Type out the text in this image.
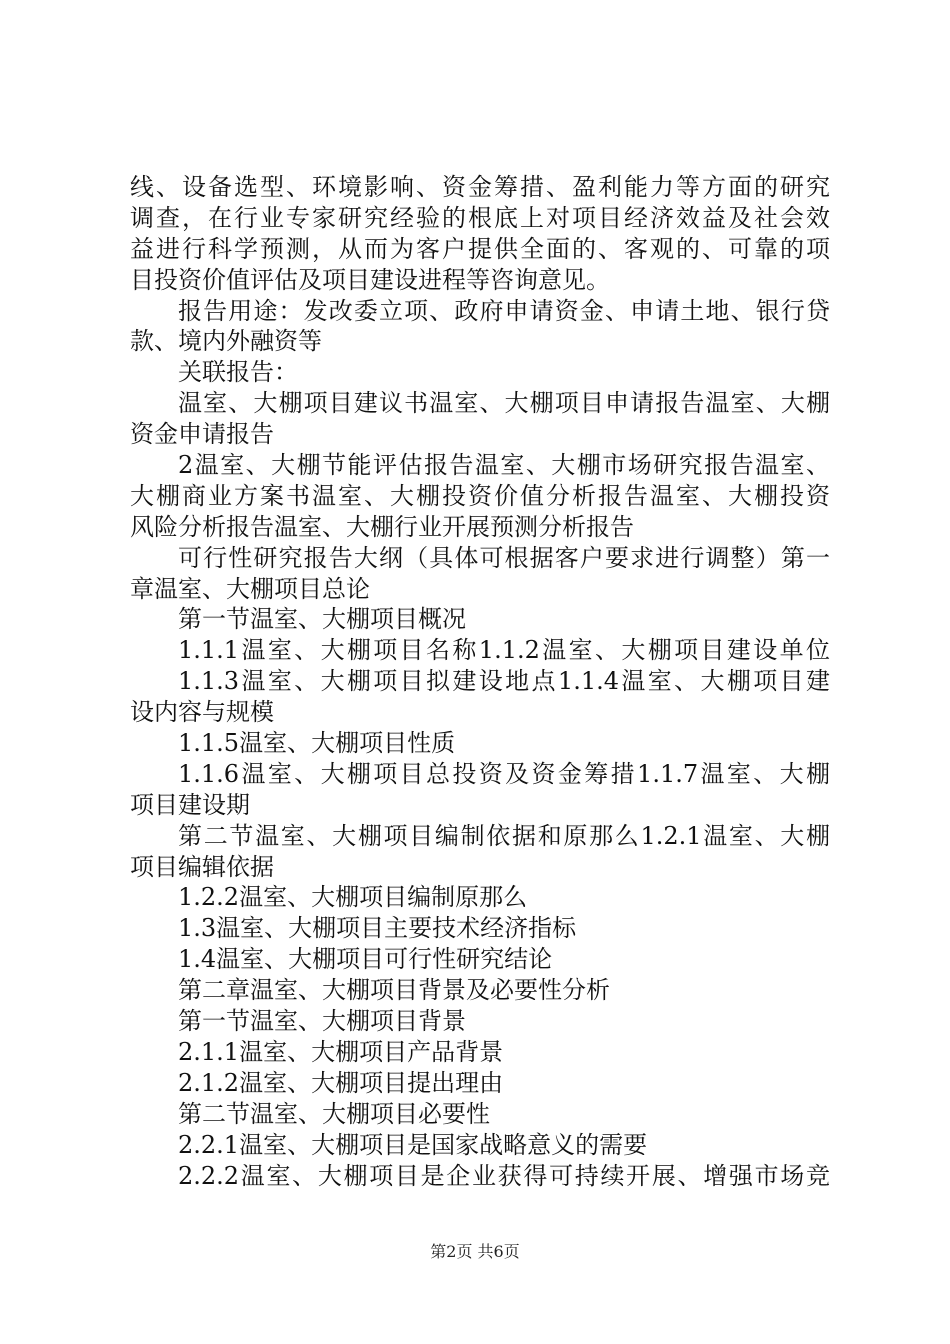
线、设备选型、环境影响、资金筹措、盈利能力等方面的研究
调查，在行业专家研究经验的根底上对项目经济效益及社会效
益进行科学预测，从而为客户提供全面的、客观的、可靠的项
目投资价值评估及项目建设进程等咨询意见。
报告用途：发改委立项、政府申请资金、申请土地、银行贷
款、境内外融资等
关联报告：
温室、大棚项目建议书温室、大棚项目申请报告温室、大棚
资金申请报告
2温室、大棚节能评估报告温室、大棚市场研究报告温室、
大棚商业方案书温室、大棚投资价值分析报告温室、大棚投资
风险分析报告温室、大棚行业开展预测分析报告
可行性研究报告大纲（具体可根据客户要求进行调整）第一
章温室、大棚项目总论
第一节温室、大棚项目概况
1.1.1温室、大棚项目名称1.1.2温室、大棚项目建设单位
1.1.3温室、大棚项目拟建设地点1.1.4温室、大棚项目建
设内容与规模
1.1.5温室、大棚项目性质
1.1.6温室、大棚项目总投资及资金筹措1.1.7温室、大棚
项目建设期
第二节温室、大棚项目编制依据和原那么1.2.1温室、大棚
项目编辑依据
1.2.2温室、大棚项目编制原那么
1.3温室、大棚项目主要技术经济指标
1.4温室、大棚项目可行性研究结论
第二章温室、大棚项目背景及必要性分析
第一节温室、大棚项目背景
2.1.1温室、大棚项目产品背景
2.1.2温室、大棚项目提出理由
第二节温室、大棚项目必要性
2.2.1温室、大棚项目是国家战略意义的需要
2.2.2温室、大棚项目是企业获得可持续开展、增强市场竞
第2页 共6页
